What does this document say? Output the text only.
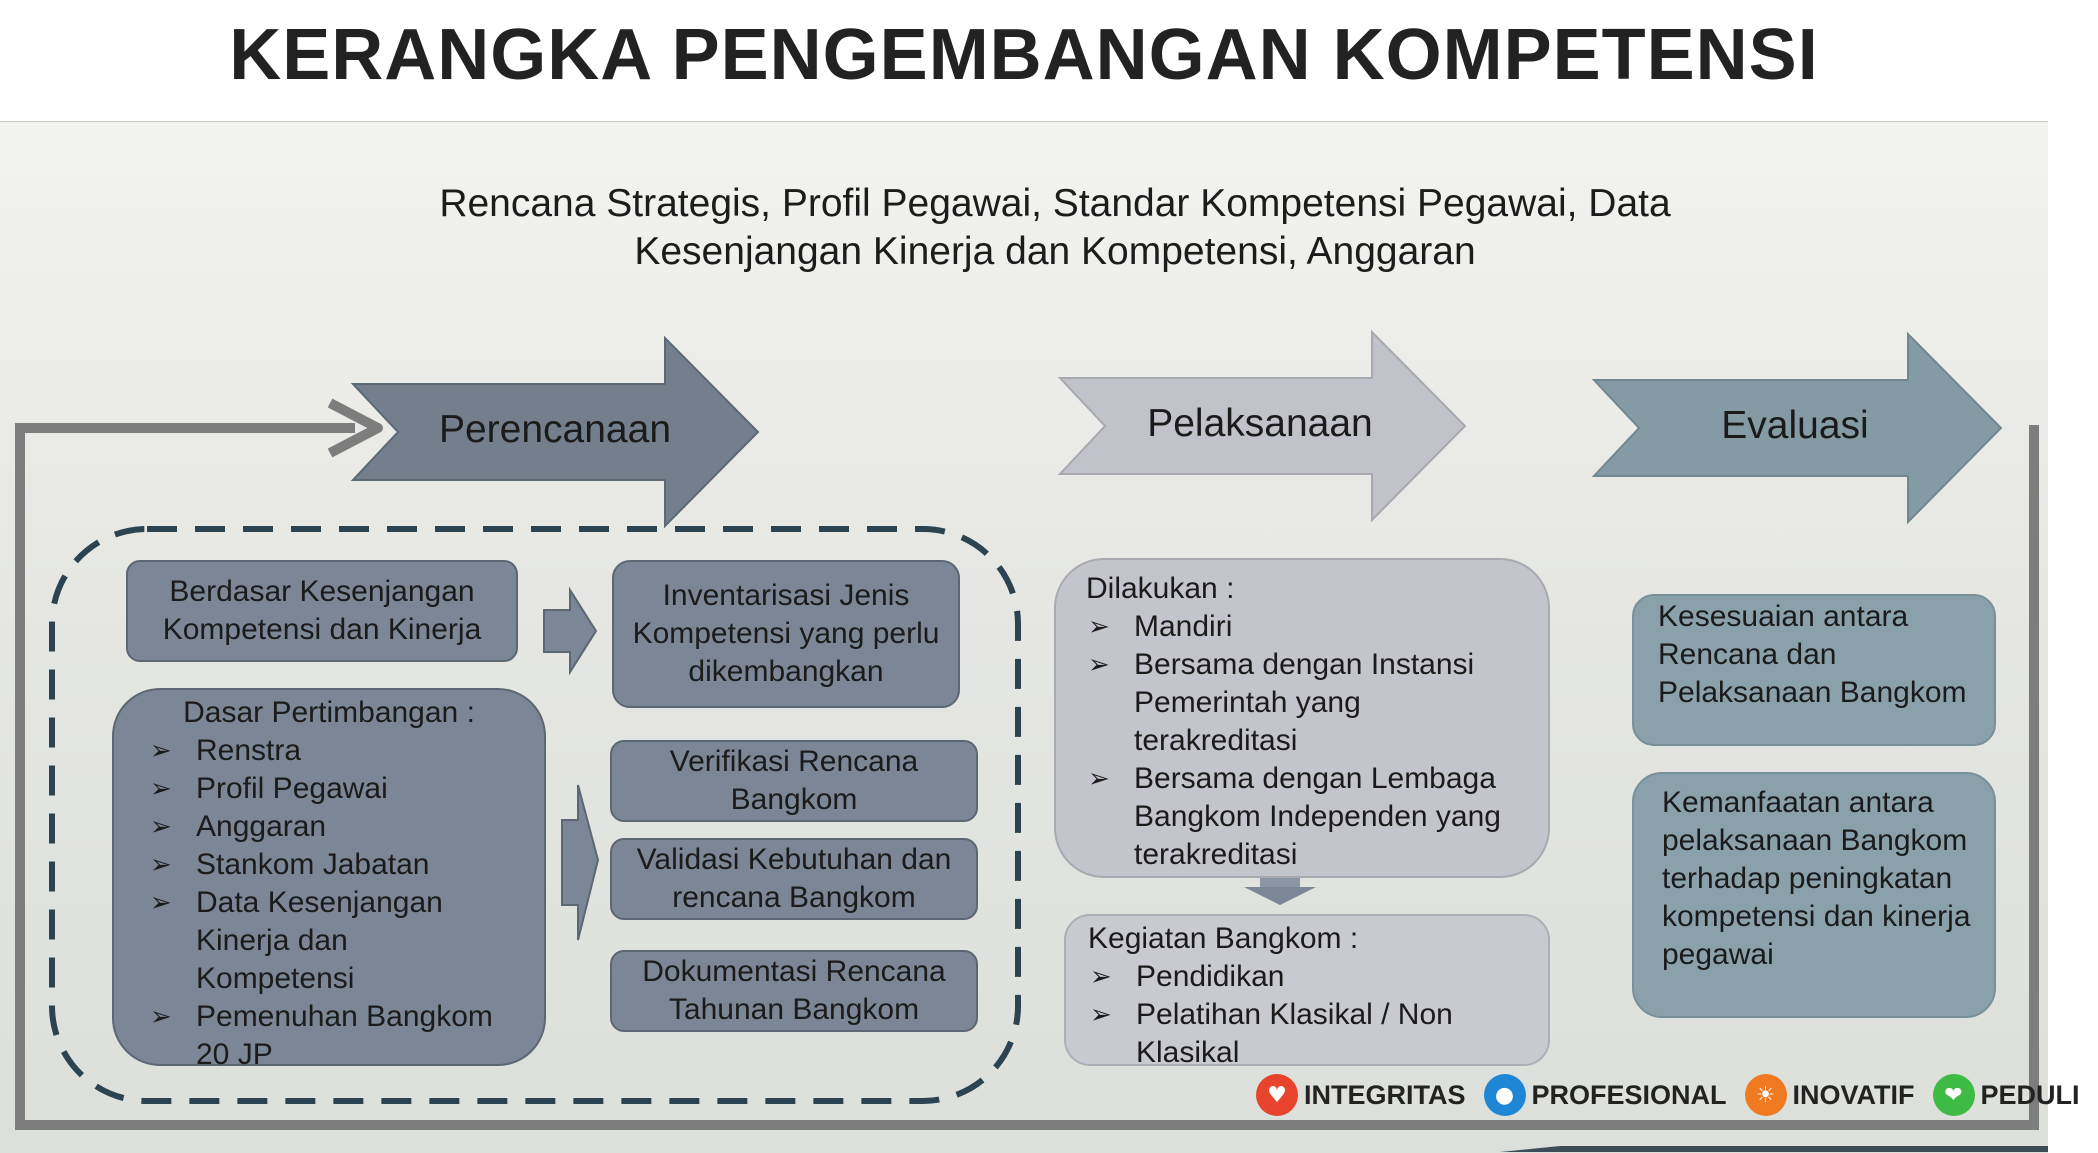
KERANGKA PENGEMBANGAN KOMPETENSI
Rencana Strategis, Profil Pegawai, Standar Kompetensi Pegawai, Data
Kesenjangan Kinerja dan Kompetensi, Anggaran
Perencanaan	Pelaksanaan	Evaluasi
Berdasar Kesenjangan Kompetensi dan Kinerja
Dasar Pertimbangan :
➢ Renstra
➢ Profil Pegawai
➢ Anggaran
➢ Stankom Jabatan
➢ Data Kesenjangan Kinerja dan Kompetensi
➢ Pemenuhan Bangkom 20 JP
Inventarisasi Jenis Kompetensi yang perlu dikembangkan
Verifikasi Rencana Bangkom
Validasi Kebutuhan dan rencana Bangkom
Dokumentasi Rencana Tahunan Bangkom
Dilakukan :
➢ Mandiri
➢ Bersama dengan Instansi Pemerintah yang terakreditasi
➢ Bersama dengan Lembaga Bangkom Independen yang terakreditasi
Kegiatan Bangkom :
➢ Pendidikan
➢ Pelatihan Klasikal / Non Klasikal
Kesesuaian antara Rencana dan Pelaksanaan Bangkom
Kemanfaatan antara pelaksanaan Bangkom terhadap peningkatan kompetensi dan kinerja pegawai
♥ INTEGRITAS	● PROFESIONAL	☀ INOVATIF	❤ PEDULI
